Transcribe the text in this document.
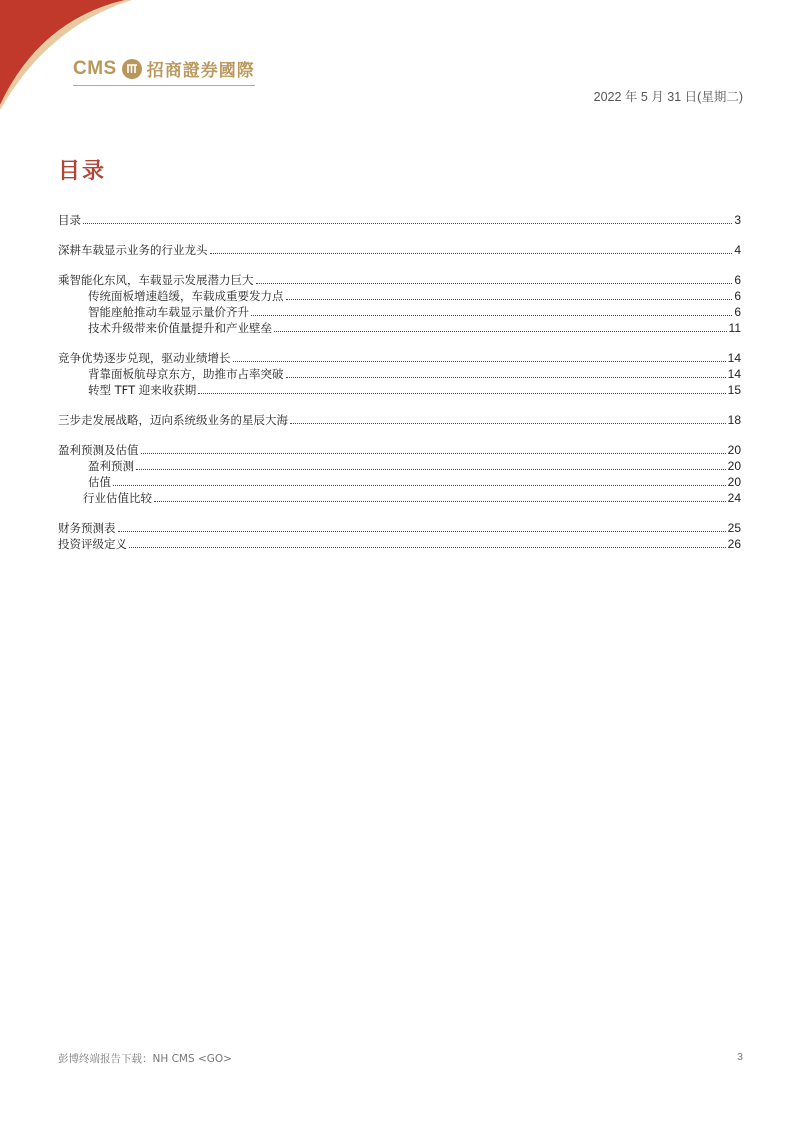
CMS 招商證券國際
2022 年 5 月 31 日(星期二)
目录
目录	3
深耕车载显示业务的行业龙头	4
乘智能化东风，车载显示发展潜力巨大	6
传统面板增速趋缓，车载成重要发力点	6
智能座舱推动车载显示量价齐升	6
技术升级带来价值量提升和产业壁垒	11
竞争优势逐步兑现，驱动业绩增长	14
背靠面板航母京东方，助推市占率突破	14
转型 TFT 迎来收获期	15
三步走发展战略，迈向系统级业务的星辰大海	18
盈利预测及估值	20
盈利预测	20
估值	20
行业估值比较	24
财务预测表	25
投资评级定义	26
彭博终端报告下载：NH CMS <GO>	3
